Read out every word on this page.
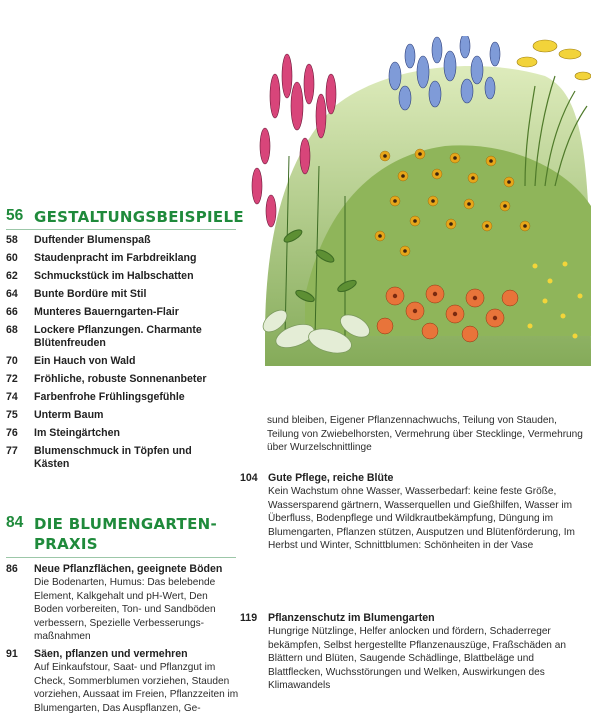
56 GESTALTUNGSBEISPIELE
58	Duftender Blumenspaß
60	Staudenpracht im Farbdreiklang
62	Schmuckstück im Halbschatten
64	Bunte Bordüre mit Stil
66	Munteres Bauerngarten-Flair
68	Lockere Pflanzungen. Charmante Blütenfreuden
70	Ein Hauch von Wald
72	Fröhliche, robuste Sonnenanbeter
74	Farbenfrohe Frühlingsgefühle
75	Unterm Baum
76	Im Steingärtchen
77	Blumenschmuck in Töpfen und Kästen
84 DIE BLUMENGARTEN-
PRAXIS
86	Neue Pflanzflächen, geeignete Böden
Die Bodenarten, Humus: Das belebende Element, Kalkgehalt und pH-Wert, Den Boden vorbereiten, Ton- und Sandböden verbessern, Spezielle Verbesserungs-maßnahmen
91	Säen, pflanzen und vermehren
Auf Einkaufstour, Saat- und Pflanzgut im Check, Sommerblumen vorziehen, Stauden vorziehen, Aussaat im Freien, Pflanzzeiten im Blumengarten, Das Auspflanzen, Ge-
sund bleiben, Eigener Pflanzennachwuchs, Teilung von Stauden, Teilung von Zwiebelhorsten, Vermehrung über Stecklinge, Vermehrung über Wurzelschnittlinge
104 Gute Pflege, reiche Blüte
Kein Wachstum ohne Wasser, Wasserbedarf: keine feste Größe, Wassersparend gärtnern, Wasserquellen und Gießhilfen, Wasser im Überfluss, Bodenpflege und Wildkrautbekämpfung, Düngung im Blumengarten, Pflanzen stützen, Ausputzen und Blütenförderung, Im Herbst und Winter, Schnittblumen: Schönheiten in der Vase
119	Pflanzenschutz im Blumengarten
Hungrige Nützlinge, Helfer anlocken und fördern, Schaderreger bekämpfen, Selbst hergestellte Pflanzenauszüge, Fraßschäden an Blättern und Blüten, Saugende Schädlinge, Blattbeläge und Blattflecken, Wuchsstörungen und Welken, Auswirkungen des Klimawandels
